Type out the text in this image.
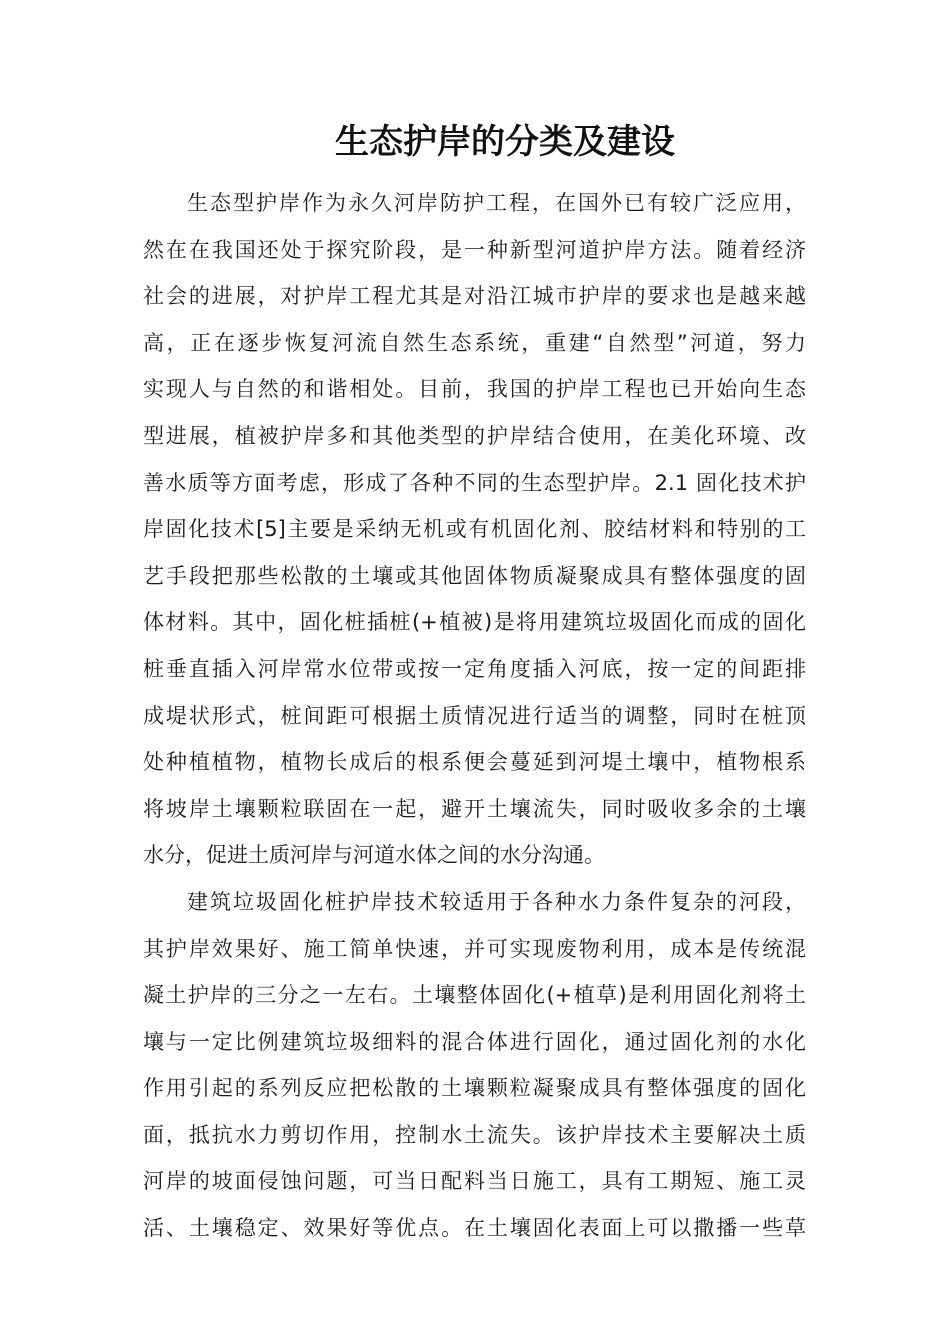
生态护岸的分类及建设
生态型护岸作为永久河岸防护工程，在国外已有较广泛应用，
然在在我国还处于探究阶段，是一种新型河道护岸方法。随着经济
社会的进展，对护岸工程尤其是对沿江城市护岸的要求也是越来越
高，正在逐步恢复河流自然生态系统，重建“自然型”河道，努力
实现人与自然的和谐相处。目前，我国的护岸工程也已开始向生态
型进展，植被护岸多和其他类型的护岸结合使用，在美化环境、改
善水质等方面考虑，形成了各种不同的生态型护岸。2.1 固化技术护
岸固化技术[5]主要是采纳无机或有机固化剂、胶结材料和特别的工
艺手段把那些松散的土壤或其他固体物质凝聚成具有整体强度的固
体材料。其中，固化桩插桩(+植被)是将用建筑垃圾固化而成的固化
桩垂直插入河岸常水位带或按一定角度插入河底，按一定的间距排
成堤状形式，桩间距可根据土质情况进行适当的调整，同时在桩顶
处种植植物，植物长成后的根系便会蔓延到河堤土壤中，植物根系
将坡岸土壤颗粒联固在一起，避开土壤流失，同时吸收多余的土壤
水分，促进土质河岸与河道水体之间的水分沟通。
建筑垃圾固化桩护岸技术较适用于各种水力条件复杂的河段，
其护岸效果好、施工简单快速，并可实现废物利用，成本是传统混
凝土护岸的三分之一左右。土壤整体固化(+植草)是利用固化剂将土
壤与一定比例建筑垃圾细料的混合体进行固化，通过固化剂的水化
作用引起的系列反应把松散的土壤颗粒凝聚成具有整体强度的固化
面，抵抗水力剪切作用，控制水土流失。该护岸技术主要解决土质
河岸的坡面侵蚀问题，可当日配料当日施工，具有工期短、施工灵
活、土壤稳定、效果好等优点。在土壤固化表面上可以撒播一些草
